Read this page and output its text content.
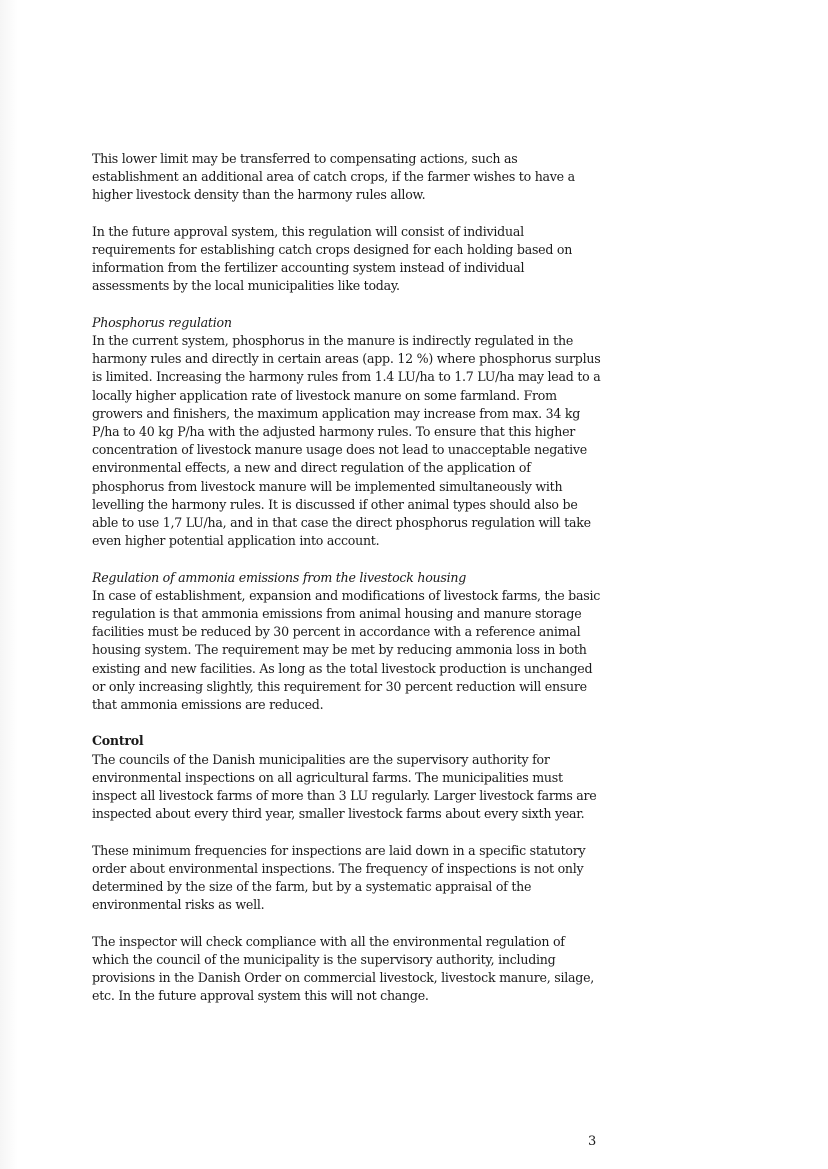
This lower limit may be transferred to compensating actions, such as
establishment an additional area of catch crops, if the farmer wishes to have a
higher livestock density than the harmony rules allow.

In the future approval system, this regulation will consist of individual
requirements for establishing catch crops designed for each holding based on
information from the fertilizer accounting system instead of individual
assessments by the local municipalities like today.

Phosphorus regulation

In the current system, phosphorus in the manure is indirectly regulated in the
harmony rules and directly in certain areas (app. 12 %) where phosphorus surplus
is limited. Increasing the harmony rules from 1.4 LU/ha to 1.7 LU/ha may lead to a
locally higher application rate of livestock manure on some farmland. From
growers and finishers, the maximum application may increase from max. 34 kg
P/ha to 40 kg P/ha with the adjusted harmony rules. To ensure that this higher
concentration of livestock manure usage does not lead to unacceptable negative
environmental effects, a new and direct regulation of the application of
phosphorus from livestock manure will be implemented simultaneously with
levelling the harmony rules. It is discussed if other animal types should also be
able to use 1,7 LU/ha, and in that case the direct phosphorus regulation will take
even higher potential application into account.

Regulation of ammonia emissions from the livestock housing

In case of establishment, expansion and modifications of livestock farms, the basic
regulation is that ammonia emissions from animal housing and manure storage
facilities must be reduced by 30 percent in accordance with a reference animal
housing system. The requirement may be met by reducing ammonia loss in both
existing and new facilities. As long as the total livestock production is unchanged
or only increasing slightly, this requirement for 30 percent reduction will ensure
that ammonia emissions are reduced.

Control

The councils of the Danish municipalities are the supervisory authority for
environmental inspections on all agricultural farms. The municipalities must
inspect all livestock farms of more than 3 LU regularly. Larger livestock farms are
inspected about every third year, smaller livestock farms about every sixth year.

These minimum frequencies for inspections are laid down in a specific statutory
order about environmental inspections. The frequency of inspections is not only
determined by the size of the farm, but by a systematic appraisal of the
environmental risks as well.

The inspector will check compliance with all the environmental regulation of
which the council of the municipality is the supervisory authority, including
provisions in the Danish Order on commercial livestock, livestock manure, silage,
etc. In the future approval system this will not change.

3
